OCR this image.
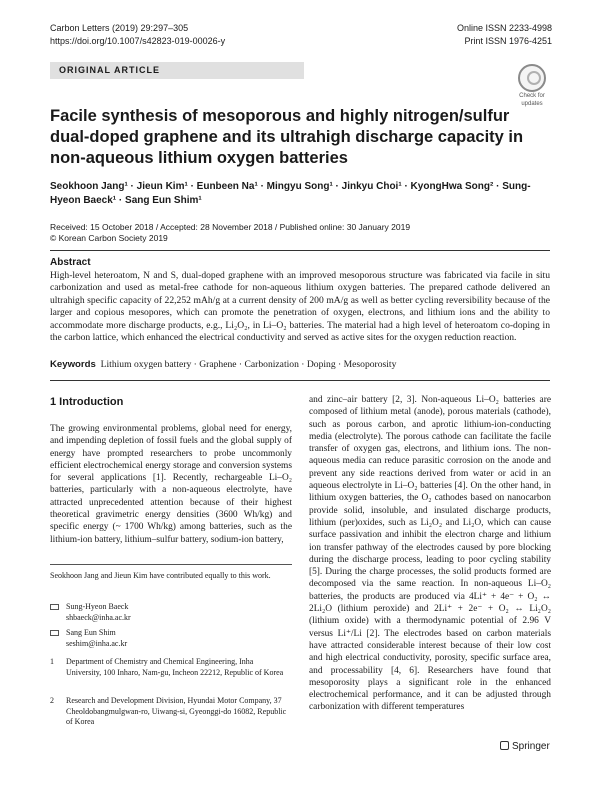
Carbon Letters (2019) 29:297–305
https://doi.org/10.1007/s42823-019-00026-y
Online ISSN 2233-4998
Print ISSN 1976-4251
ORIGINAL ARTICLE
Check for
updates
Facile synthesis of mesoporous and highly nitrogen/sulfur dual-doped graphene and its ultrahigh discharge capacity in non-aqueous lithium oxygen batteries
Seokhoon Jang¹ · Jieun Kim¹ · Eunbeen Na¹ · Mingyu Song¹ · Jinkyu Choi¹ · KyongHwa Song² · Sung-Hyeon Baeck¹ · Sang Eun Shim¹
Received: 15 October 2018 / Accepted: 28 November 2018 / Published online: 30 January 2019
© Korean Carbon Society 2019
Abstract
High-level heteroatom, N and S, dual-doped graphene with an improved mesoporous structure was fabricated via facile in situ carbonization and used as metal-free cathode for non-aqueous lithium oxygen batteries. The prepared cathode delivered an ultrahigh specific capacity of 22,252 mAh/g at a current density of 200 mA/g as well as better cycling reversibility because of the larger and copious mesopores, which can promote the penetration of oxygen, electrons, and lithium ions and the ability to accommodate more discharge products, e.g., Li₂O₂, in Li–O₂ batteries. The material had a high level of heteroatom co-doping in the carbon lattice, which enhanced the electrical conductivity and served as active sites for the oxygen reduction reaction.
Keywords Lithium oxygen battery · Graphene · Carbonization · Doping · Mesoporosity
1 Introduction

The growing environmental problems, global need for energy, and impending depletion of fossil fuels and the global supply of energy have prompted researchers to probe uncommonly efficient electrochemical energy storage and conversion systems for several applications [1]. Recently, rechargeable Li–O₂ batteries, particularly with a non-aqueous electrolyte, have attracted unprecedented attention because of their highest theoretical gravimetric energy densities (3600 Wh/kg) and specific energy (~ 1700 Wh/kg) among batteries, such as the lithium-ion battery, lithium–sulfur battery, sodium-ion battery,

and zinc–air battery [2, 3]. Non-aqueous Li–O₂ batteries are composed of lithium metal (anode), porous materials (cathode), such as porous carbon, and aprotic lithium-ion-conducting media (electrolyte). The porous cathode can facilitate the facile transfer of oxygen gas, electrons, and lithium ions. The non-aqueous media can reduce parasitic corrosion on the anode and prevent any side reactions derived from water or acid in an aqueous electrolyte in Li–O₂ batteries [4]. On the other hand, in lithium oxygen batteries, the O₂ cathodes based on nanocarbon provide solid, insoluble, and insulated discharge products, lithium (per)oxides, such as Li₂O₂ and Li₂O, which can cause surface passivation and inhibit the electron charge and lithium ion transfer pathway of the electrodes caused by pore blocking during the discharge process, leading to poor cycling stability [5]. During the charge processes, the solid products formed are decomposed via the same reaction. In non-aqueous Li–O₂ batteries, the products are produced via 4Li⁺ + 4e⁻ + O₂ ↔ 2Li₂O (lithium peroxide) and 2Li⁺ + 2e⁻ + O₂ ↔ Li₂O₂ (lithium oxide) with a thermodynamic potential of 2.96 V versus Li⁺/Li [2]. The electrodes based on carbon materials have attracted considerable interest because of their low cost and high electrical conductivity, porosity, specific surface area, and processability [4, 6]. Researchers have found that mesoporosity plays a significant role in the enhanced electrochemical performance, and it can be adjusted through carbonization with different temperatures

Seokhoon Jang and Jieun Kim have contributed equally to this work.
Sung-Hyeon Baeck
shbaeck@inha.ac.kr
Sang Eun Shim
seshim@inha.ac.kr
1 Department of Chemistry and Chemical Engineering, Inha University, 100 Inharo, Nam-gu, Incheon 22212, Republic of Korea
2 Research and Development Division, Hyundai Motor Company, 37 Cheoldobangmulgwan-ro, Uiwang-si, Gyeonggi-do 16082, Republic of Korea
Springer
